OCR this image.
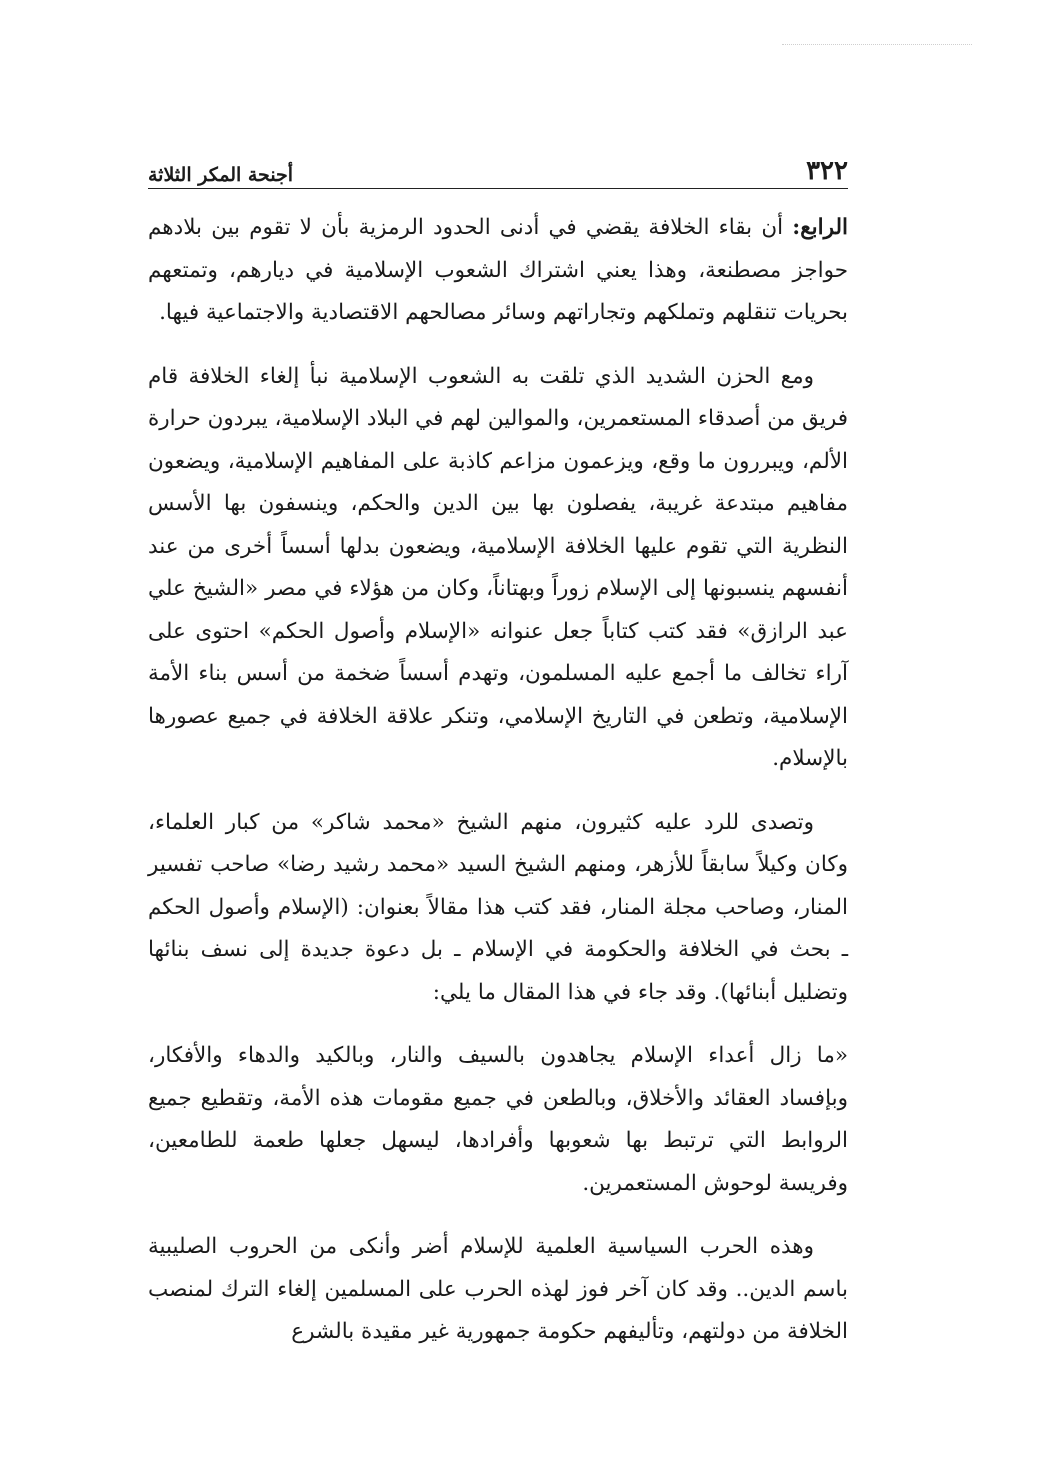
٣٢٢
أجنحة المكر الثلاثة

الرابع: أن بقاء الخلافة يقضي في أدنى الحدود الرمزية بأن لا تقوم بين بلادهم حواجز مصطنعة، وهذا يعني اشتراك الشعوب الإسلامية في ديارهم، وتمتعهم بحريات تنقلهم وتملكهم وتجاراتهم وسائر مصالحهم الاقتصادية والاجتماعية فيها.

ومع الحزن الشديد الذي تلقت به الشعوب الإسلامية نبأ إلغاء الخلافة قام فريق من أصدقاء المستعمرين، والموالين لهم في البلاد الإسلامية، يبردون حرارة الألم، ويبررون ما وقع، ويزعمون مزاعم كاذبة على المفاهيم الإسلامية، ويضعون مفاهيم مبتدعة غريبة، يفصلون بها بين الدين والحكم، وينسفون بها الأسس النظرية التي تقوم عليها الخلافة الإسلامية، ويضعون بدلها أسساً أخرى من عند أنفسهم ينسبونها إلى الإسلام زوراً وبهتاناً، وكان من هؤلاء في مصر «الشيخ علي عبد الرازق» فقد كتب كتاباً جعل عنوانه «الإسلام وأصول الحكم» احتوى على آراء تخالف ما أجمع عليه المسلمون، وتهدم أسساً ضخمة من أسس بناء الأمة الإسلامية، وتطعن في التاريخ الإسلامي، وتنكر علاقة الخلافة في جميع عصورها بالإسلام.

وتصدى للرد عليه كثيرون، منهم الشيخ «محمد شاكر» من كبار العلماء، وكان وكيلاً سابقاً للأزهر، ومنهم الشيخ السيد «محمد رشيد رضا» صاحب تفسير المنار، وصاحب مجلة المنار، فقد كتب هذا مقالاً بعنوان: (الإسلام وأصول الحكم ـ بحث في الخلافة والحكومة في الإسلام ـ بل دعوة جديدة إلى نسف بنائها وتضليل أبنائها). وقد جاء في هذا المقال ما يلي:

«ما زال أعداء الإسلام يجاهدون بالسيف والنار، وبالكيد والدهاء والأفكار، وبإفساد العقائد والأخلاق، وبالطعن في جميع مقومات هذه الأمة، وتقطيع جميع الروابط التي ترتبط بها شعوبها وأفرادها، ليسهل جعلها طعمة للطامعين، وفريسة لوحوش المستعمرين.

وهذه الحرب السياسية العلمية للإسلام أضر وأنكى من الحروب الصليبية باسم الدين.. وقد كان آخر فوز لهذه الحرب على المسلمين إلغاء الترك لمنصب الخلافة من دولتهم، وتأليفهم حكومة جمهورية غير مقيدة بالشرع
